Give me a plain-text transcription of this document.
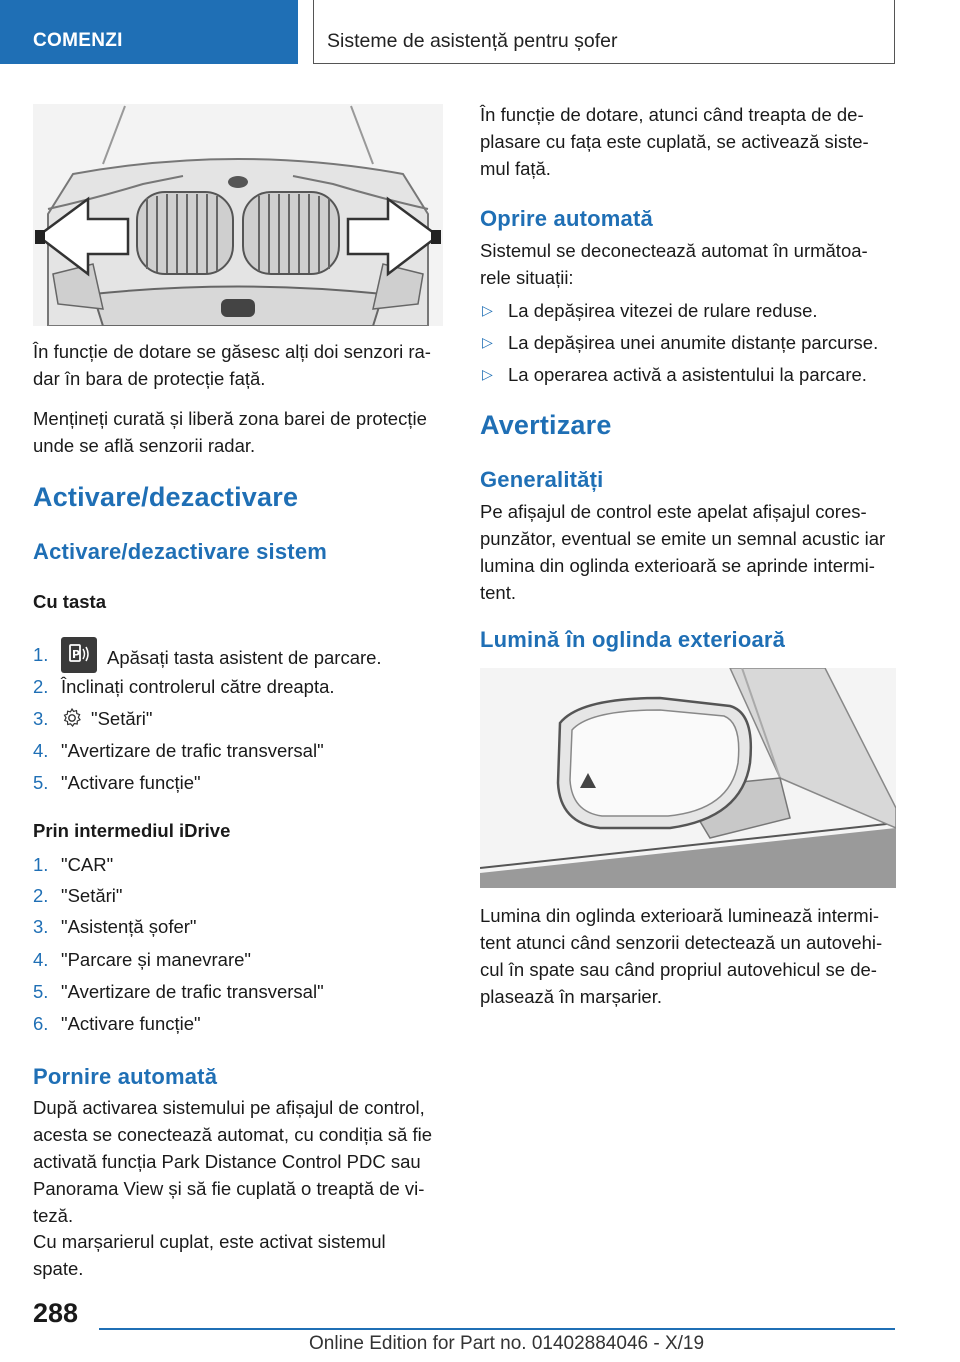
COMENZI	Sisteme de asistență pentru șofer
În funcție de dotare se găsesc alți doi senzori ra-
dar în bara de protecție față.
Mențineți curată și liberă zona barei de protecție
unde se află senzorii radar.
Activare/dezactivare
Activare/dezactivare sistem
Cu tasta
1. P Apăsați tasta asistent de parcare.
2. Înclinați controlerul către dreapta.
3.	"Setări"
4. "Avertizare de trafic transversal"
5. "Activare funcție"
Prin intermediul iDrive
1. "CAR"
2. "Setări"
3. "Asistență șofer"
4. "Parcare și manevrare"
5. "Avertizare de trafic transversal"
6. "Activare funcție"
Pornire automată
După activarea sistemului pe afișajul de control,
acesta se conectează automat, cu condiția să fie
activată funcția Park Distance Control PDC sau
Panorama View și să fie cuplată o treaptă de vi-
teză.
Cu marșarierul cuplat, este activat sistemul
spate.
În funcție de dotare, atunci când treapta de de-
plasare cu fața este cuplată, se activează siste-
mul față.
Oprire automată
Sistemul se deconectează automat în următoa-
rele situații:
▷ La depășirea vitezei de rulare reduse.
▷ La depășirea unei anumite distanțe parcurse.
▷ La operarea activă a asistentului la parcare.
Avertizare
Generalități
Pe afișajul de control este apelat afișajul cores-
punzător, eventual se emite un semnal acustic iar
lumina din oglinda exterioară se aprinde intermi-
tent.
Lumină în oglinda exterioară
Lumina din oglinda exterioară luminează intermi-
tent atunci când senzorii detectează un autovehi-
cul în spate sau când propriul autovehicul se de-
plasează în marșarier.
288
Online Edition for Part no. 01402884046 - X/19
